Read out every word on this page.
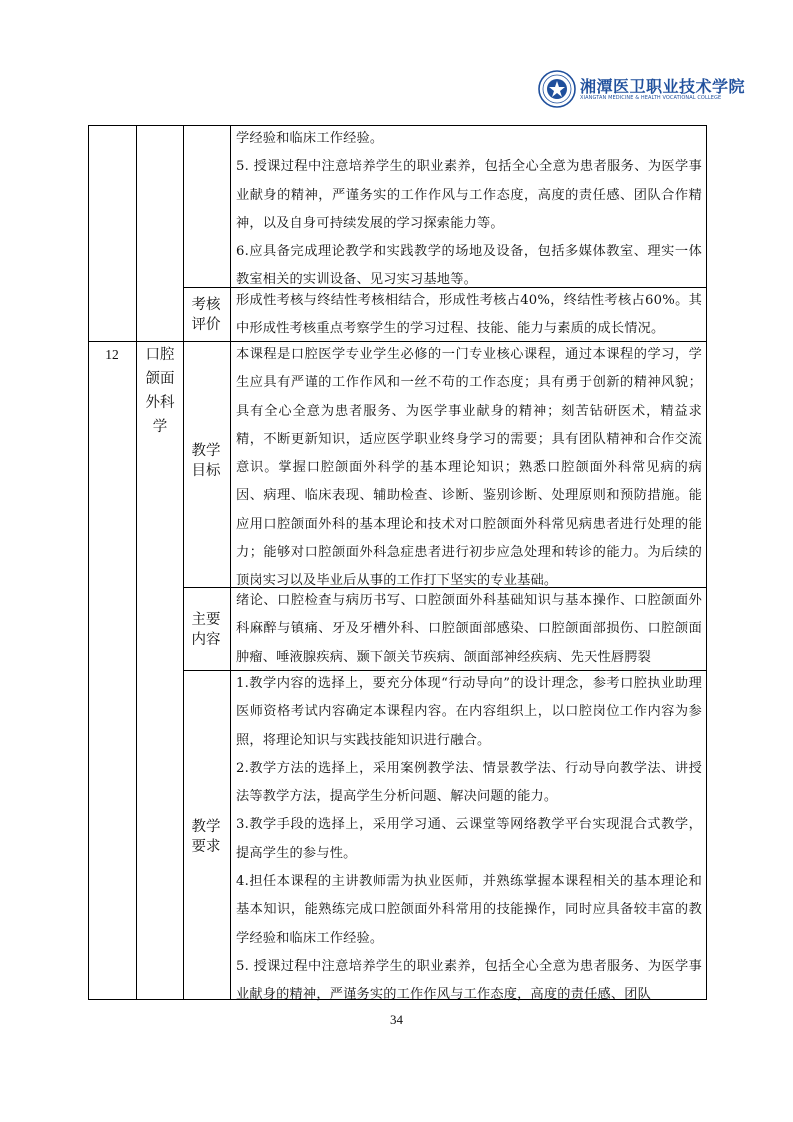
湘潭医卫职业技术学院
XIANGTAN MEDICINE & HEALTH VOCATIONAL COLLEGE
学经验和临床工作经验。
5. 授课过程中注意培养学生的职业素养，包括全心全意为患者服务、为医学事业献身的精神，严谨务实的工作作风与工作态度，高度的责任感、团队合作精神，以及自身可持续发展的学习探索能力等。
6.应具备完成理论教学和实践教学的场地及设备，包括多媒体教室、理实一体教室相关的实训设备、见习实习基地等。
考核评价
形成性考核与终结性考核相结合，形成性考核占40%，终结性考核占60%。其中形成性考核重点考察学生的学习过程、技能、能力与素质的成长情况。
12	口腔颌面外科学
教学目标
本课程是口腔医学专业学生必修的一门专业核心课程，通过本课程的学习，学生应具有严谨的工作作风和一丝不苟的工作态度；具有勇于创新的精神风貌；具有全心全意为患者服务、为医学事业献身的精神；刻苦钻研医术，精益求精，不断更新知识，适应医学职业终身学习的需要；具有团队精神和合作交流意识。掌握口腔颌面外科学的基本理论知识；熟悉口腔颌面外科常见病的病因、病理、临床表现、辅助检查、诊断、鉴别诊断、处理原则和预防措施。能应用口腔颌面外科的基本理论和技术对口腔颌面外科常见病患者进行处理的能力；能够对口腔颌面外科急症患者进行初步应急处理和转诊的能力。为后续的顶岗实习以及毕业后从事的工作打下坚实的专业基础。
主要内容
绪论、口腔检查与病历书写、口腔颌面外科基础知识与基本操作、口腔颌面外科麻醉与镇痛、牙及牙槽外科、口腔颌面部感染、口腔颌面部损伤、口腔颌面肿瘤、唾液腺疾病、颞下颌关节疾病、颌面部神经疾病、先天性唇腭裂
教学要求
1.教学内容的选择上，要充分体现“行动导向”的设计理念，参考口腔执业助理医师资格考试内容确定本课程内容。在内容组织上，以口腔岗位工作内容为参照，将理论知识与实践技能知识进行融合。
2.教学方法的选择上，采用案例教学法、情景教学法、行动导向教学法、讲授法等教学方法，提高学生分析问题、解决问题的能力。
3.教学手段的选择上，采用学习通、云课堂等网络教学平台实现混合式教学，提高学生的参与性。
4.担任本课程的主讲教师需为执业医师，并熟练掌握本课程相关的基本理论和基本知识，能熟练完成口腔颌面外科常用的技能操作，同时应具备较丰富的教学经验和临床工作经验。
5. 授课过程中注意培养学生的职业素养，包括全心全意为患者服务、为医学事业献身的精神，严谨务实的工作作风与工作态度，高度的责任感、团队
34
